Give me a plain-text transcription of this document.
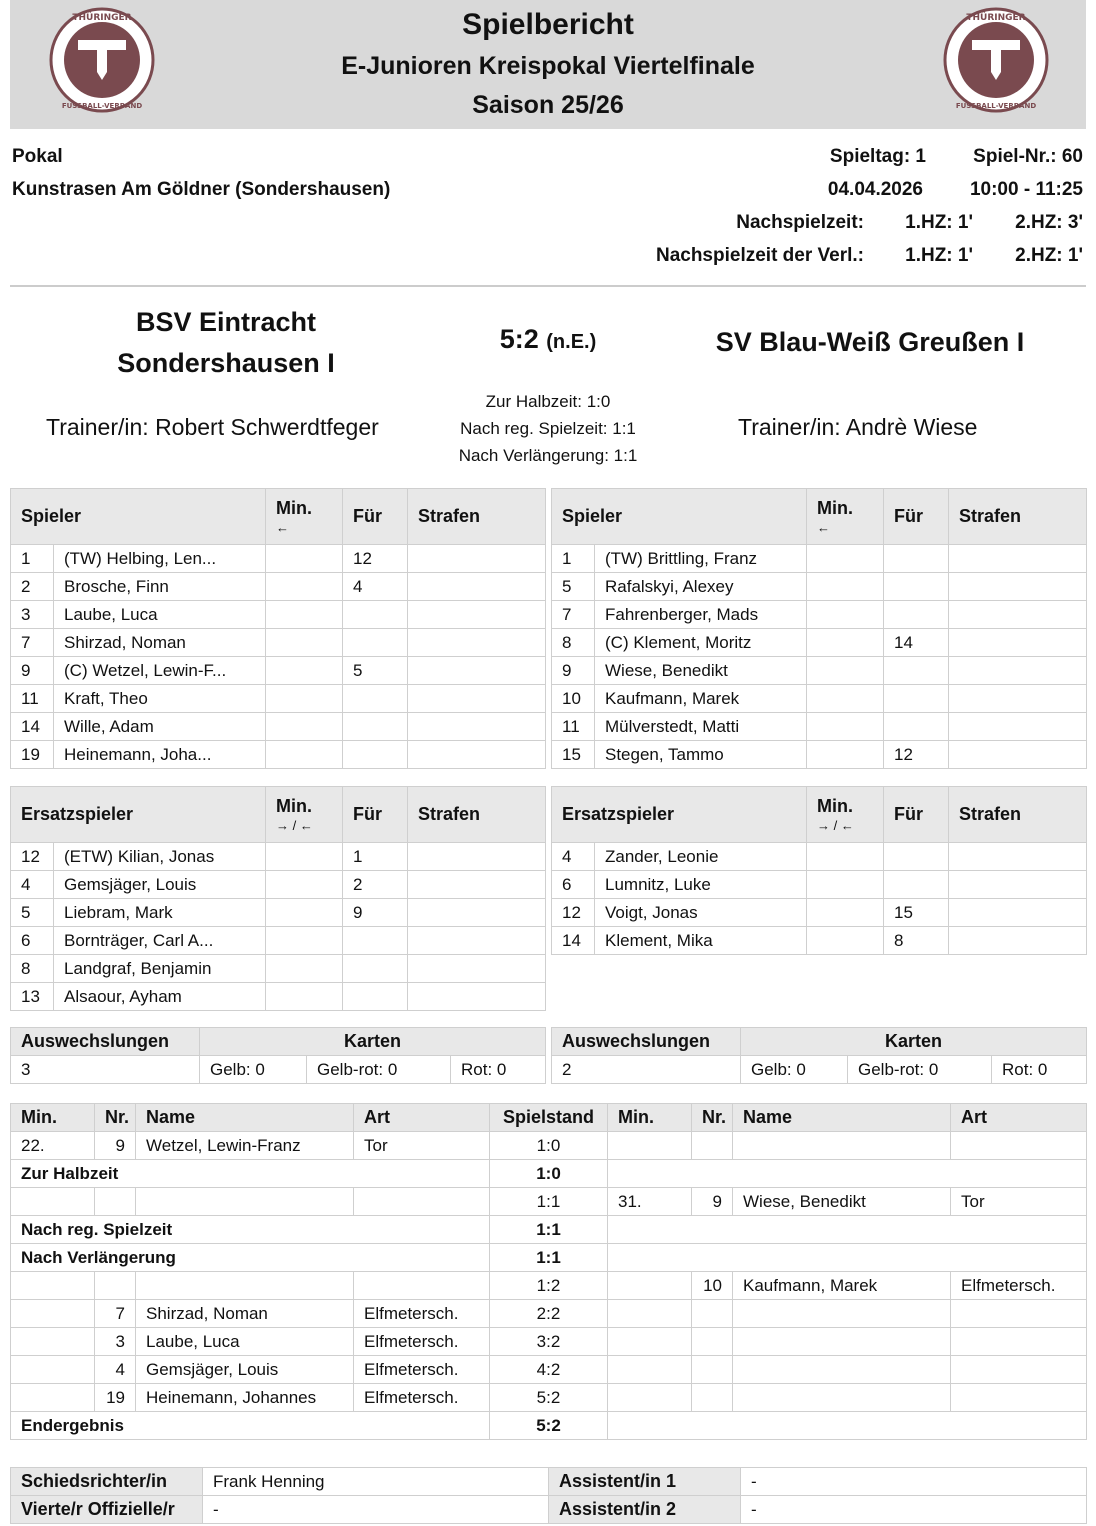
THÜRINGER
FUSSBALL-VERBAND
THÜRINGER
FUSSBALL-VERBAND
Spielbericht
E-Junioren Kreispokal Viertelfinale
Saison 25/26
Pokal
Kunstrasen Am Göldner (Sondershausen)
Spieltag: 1 Spiel-Nr.: 60
04.04.2026 10:00 - 11:25
Nachspielzeit: 1.HZ: 1' 2.HZ: 3'
Nachspielzeit der Verl.: 1.HZ: 1' 2.HZ: 1'
BSV Eintracht
Sondershausen I
5:2 (n.E.)	SV Blau-Weiß Greußen I
Zur Halbzeit: 1:0
Nach reg. Spielzeit: 1:1
Nach Verlängerung: 1:1
Trainer/in: Robert Schwerdtfeger	Trainer/in: Andrè Wiese
Spieler		Min.
←	Für	Strafen
1	(TW) Helbing, Len...		12	
2	Brosche, Finn		4	
3	Laube, Luca			
7	Shirzad, Noman			
9	(C) Wetzel, Lewin-F...		5	
11	Kraft, Theo			
14	Wille, Adam			
19	Heinemann, Joha...			
Spieler		Min.
←	Für	Strafen
1	(TW) Brittling, Franz			
5	Rafalskyi, Alexey			
7	Fahrenberger, Mads			
8	(C) Klement, Moritz		14	
9	Wiese, Benedikt			
10	Kaufmann, Marek			
11	Mülverstedt, Matti			
15	Stegen, Tammo		12	
Ersatzspieler		Min.
→ / ←	Für	Strafen
12	(ETW) Kilian, Jonas		1	
4	Gemsjäger, Louis		2	
5	Liebram, Mark		9	
6	Bornträger, Carl A...			
8	Landgraf, Benjamin			
13	Alsaour, Ayham			
Ersatzspieler		Min.
→ / ←	Für	Strafen
4	Zander, Leonie			
6	Lumnitz, Luke			
12	Voigt, Jonas		15	
14	Klement, Mika		8	
Auswechslungen	Karten		
3	Gelb: 0	Gelb-rot: 0	Rot: 0
Auswechslungen	Karten		
2	Gelb: 0	Gelb-rot: 0	Rot: 0
Min.	Nr.	Name	Art	Spielstand	Min.	Nr.	Name	Art
22.	9	Wetzel, Lewin-Franz	Tor	1:0				
Zur Halbzeit				1:0				
				1:1	31.	9	Wiese, Benedikt	Tor
Nach reg. Spielzeit				1:1				
Nach Verlängerung				1:1				
				1:2		10	Kaufmann, Marek	Elfmetersch.
	7	Shirzad, Noman	Elfmetersch.	2:2				
	3	Laube, Luca	Elfmetersch.	3:2				
	4	Gemsjäger, Louis	Elfmetersch.	4:2				
	19	Heinemann, Johannes	Elfmetersch.	5:2				
Endergebnis				5:2				
Schiedsrichter/in	Frank Henning	Assistent/in 1	-
Vierte/r Offizielle/r	-	Assistent/in 2	-
